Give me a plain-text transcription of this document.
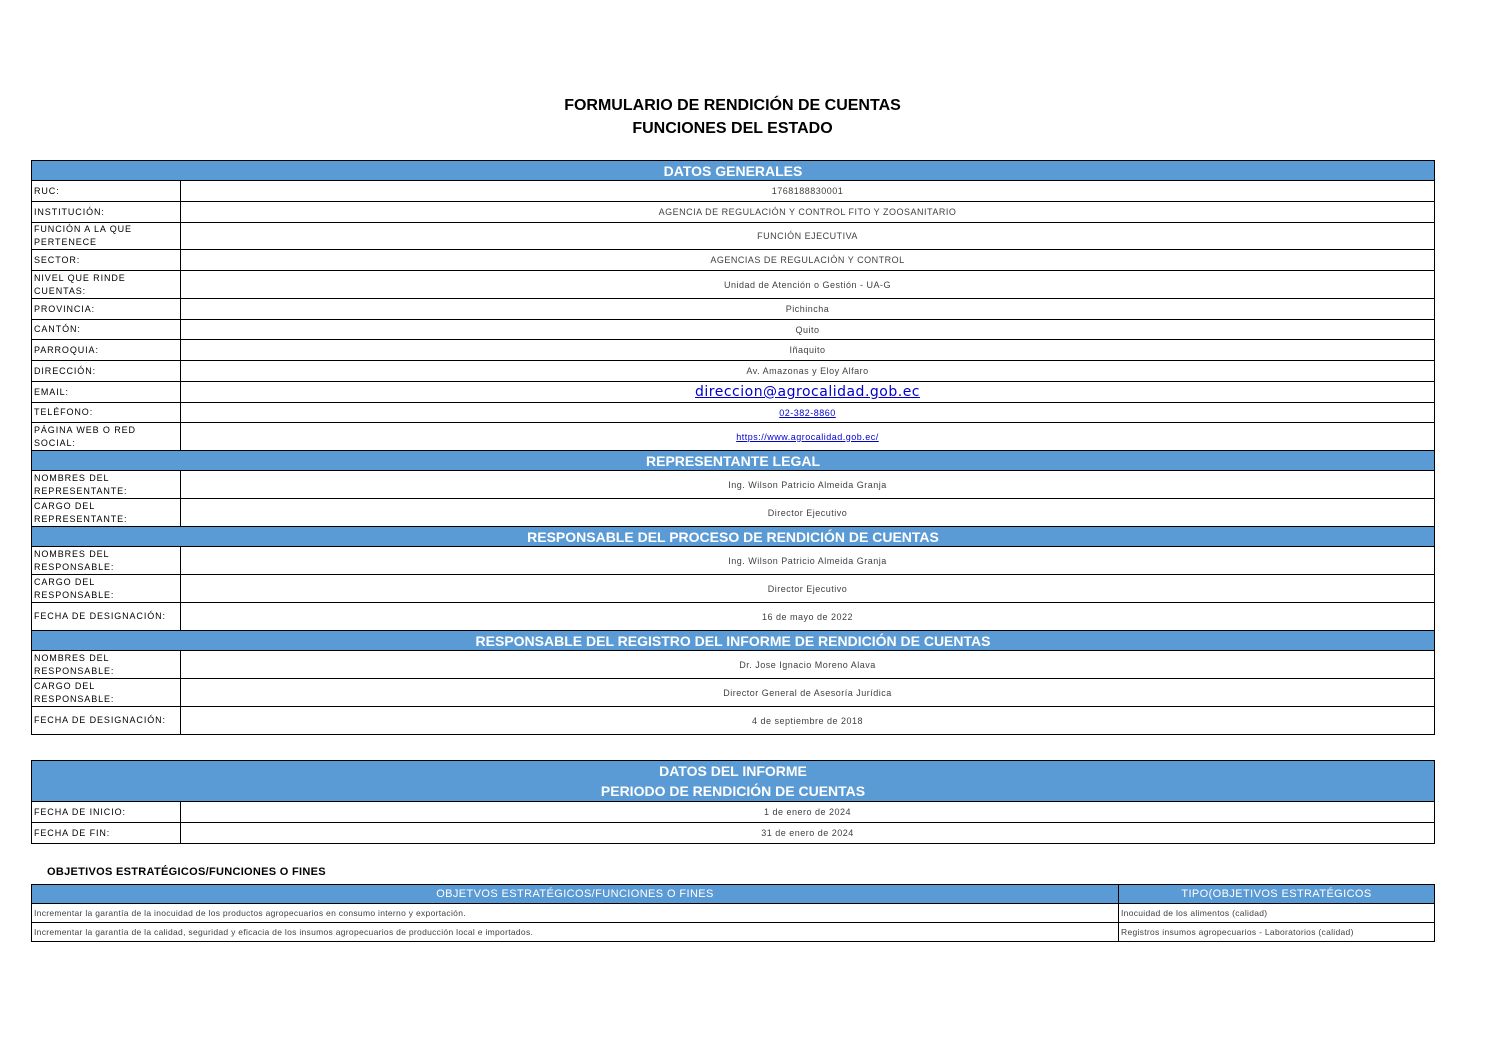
FORMULARIO DE RENDICIÓN DE CUENTAS
FUNCIONES DEL ESTADO
DATOS GENERALES	
RUC:	1768188830001
INSTITUCIÓN:	AGENCIA DE REGULACIÓN Y CONTROL FITO Y ZOOSANITARIO
FUNCIÓN A LA QUE PERTENECE	FUNCIÓN EJECUTIVA
SECTOR:	AGENCIAS DE REGULACIÓN Y CONTROL
NIVEL QUE RINDE CUENTAS:	Unidad de Atención o Gestión - UA-G
PROVINCIA:	Pichincha
CANTÓN:	Quito
PARROQUIA:	Iñaquito
DIRECCIÓN:	Av. Amazonas y Eloy Alfaro
EMAIL:	direccion@agrocalidad.gob.ec
TELÉFONO:	02-382-8860
PÁGINA WEB O RED SOCIAL:	https://www.agrocalidad.gob.ec/
REPRESENTANTE LEGAL	
NOMBRES DEL REPRESENTANTE:	Ing. Wilson Patricio Almeida Granja
CARGO DEL REPRESENTANTE:	Director Ejecutivo
RESPONSABLE DEL PROCESO DE RENDICIÓN DE CUENTAS	
NOMBRES DEL RESPONSABLE:	Ing. Wilson Patricio Almeida Granja
CARGO DEL RESPONSABLE:	Director Ejecutivo
FECHA DE DESIGNACIÓN:	16 de mayo de 2022
RESPONSABLE DEL REGISTRO DEL INFORME DE RENDICIÓN DE CUENTAS	
NOMBRES DEL RESPONSABLE:	Dr. Jose Ignacio Moreno Alava
CARGO DEL RESPONSABLE:	Director General de Asesoría Jurídica
FECHA DE DESIGNACIÓN:	4 de septiembre de 2018
DATOS DEL INFORME	
PERIODO DE RENDICIÓN DE CUENTAS	
FECHA DE INICIO:	1 de enero de 2024
FECHA DE FIN:	31 de enero de 2024
OBJETIVOS ESTRATÉGICOS/FUNCIONES O FINES
OBJETVOS ESTRATÉGICOS/FUNCIONES O FINES	TIPO(OBJETIVOS ESTRATÉGICOS
Incrementar la garantía de la inocuidad de los productos agropecuarios en consumo interno y exportación.	Inocuidad de los alimentos (calidad)
Incrementar la garantía de la calidad, seguridad y eficacia de los insumos agropecuarios de producción local e importados.	Registros insumos agropecuarios - Laboratorios (calidad)
